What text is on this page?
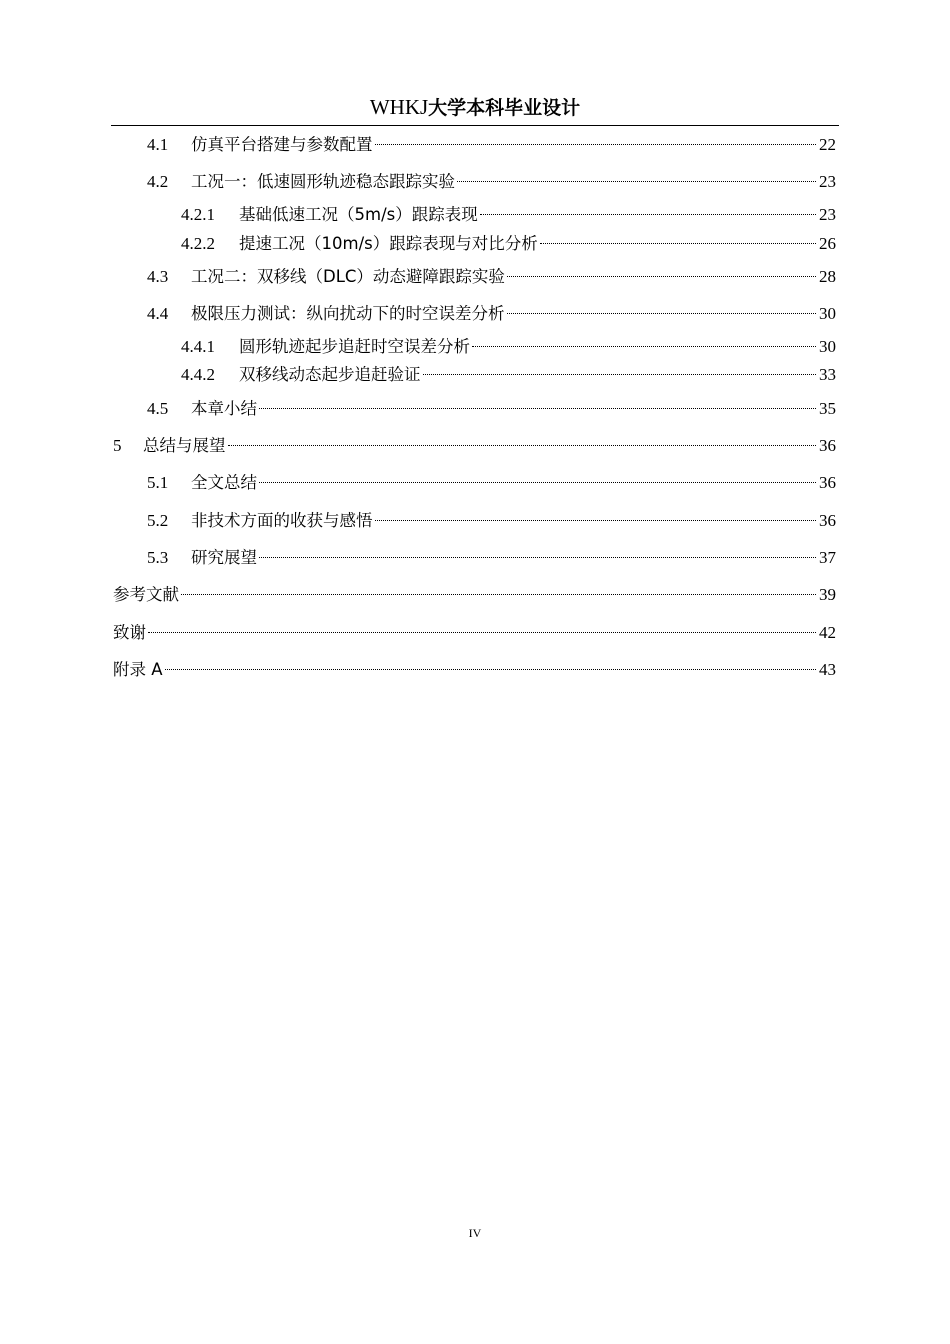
WHKJ大学本科毕业设计
4.1	仿真平台搭建与参数配置	22
4.2	工况一：低速圆形轨迹稳态跟踪实验	23
4.2.1	基础低速工况（5m/s）跟踪表现	23
4.2.2	提速工况（10m/s）跟踪表现与对比分析	26
4.3	工况二：双移线（DLC）动态避障跟踪实验	28
4.4	极限压力测试：纵向扰动下的时空误差分析	30
4.4.1	圆形轨迹起步追赶时空误差分析	30
4.4.2	双移线动态起步追赶验证	33
4.5	本章小结	35
5	总结与展望	36
5.1	全文总结	36
5.2	非技术方面的收获与感悟	36
5.3	研究展望	37
参考文献	39
致谢	42
附录 A	43
IV
